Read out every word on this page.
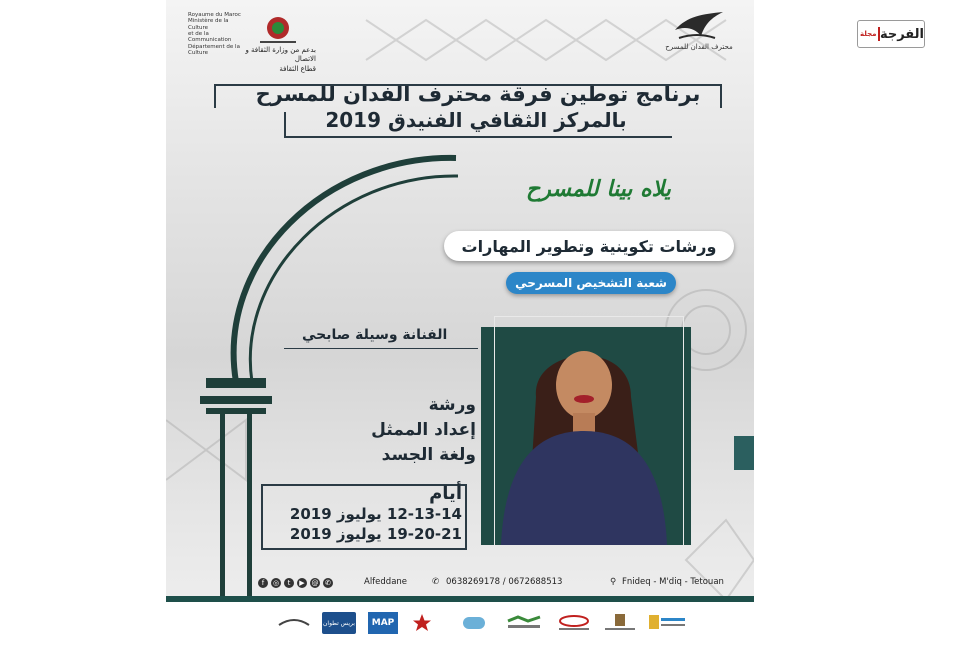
الفرجة
مجلة
Royaume du Maroc
Ministère de la Culture
et de la Communication
Département de la Culture	بدعم من وزارة الثقافة و الاتصال
قطاع الثقافة
محترف الفدان للمسرح
برنامج توطين فرقة محترف الفدان للمسرح
بالمركز الثقافي الفنيدق 2019
يلاه بينا للمسرح
ورشات تكوينية وتطوير المهارات
شعبة التشخيص المسرحي
الفنانة وسيلة صابحي
ورشة
إعداد الممثل
ولغة الجسد
أيام
12-13-14 يوليوز 2019
19-20-21 يوليوز 2019
f	◎	t	▶ @ ✆	Alfeddane	✆ 0638269178 / 0672688513	⚲ Fnideq - M'diq - Tetouan
بريس تطوان	MAP
